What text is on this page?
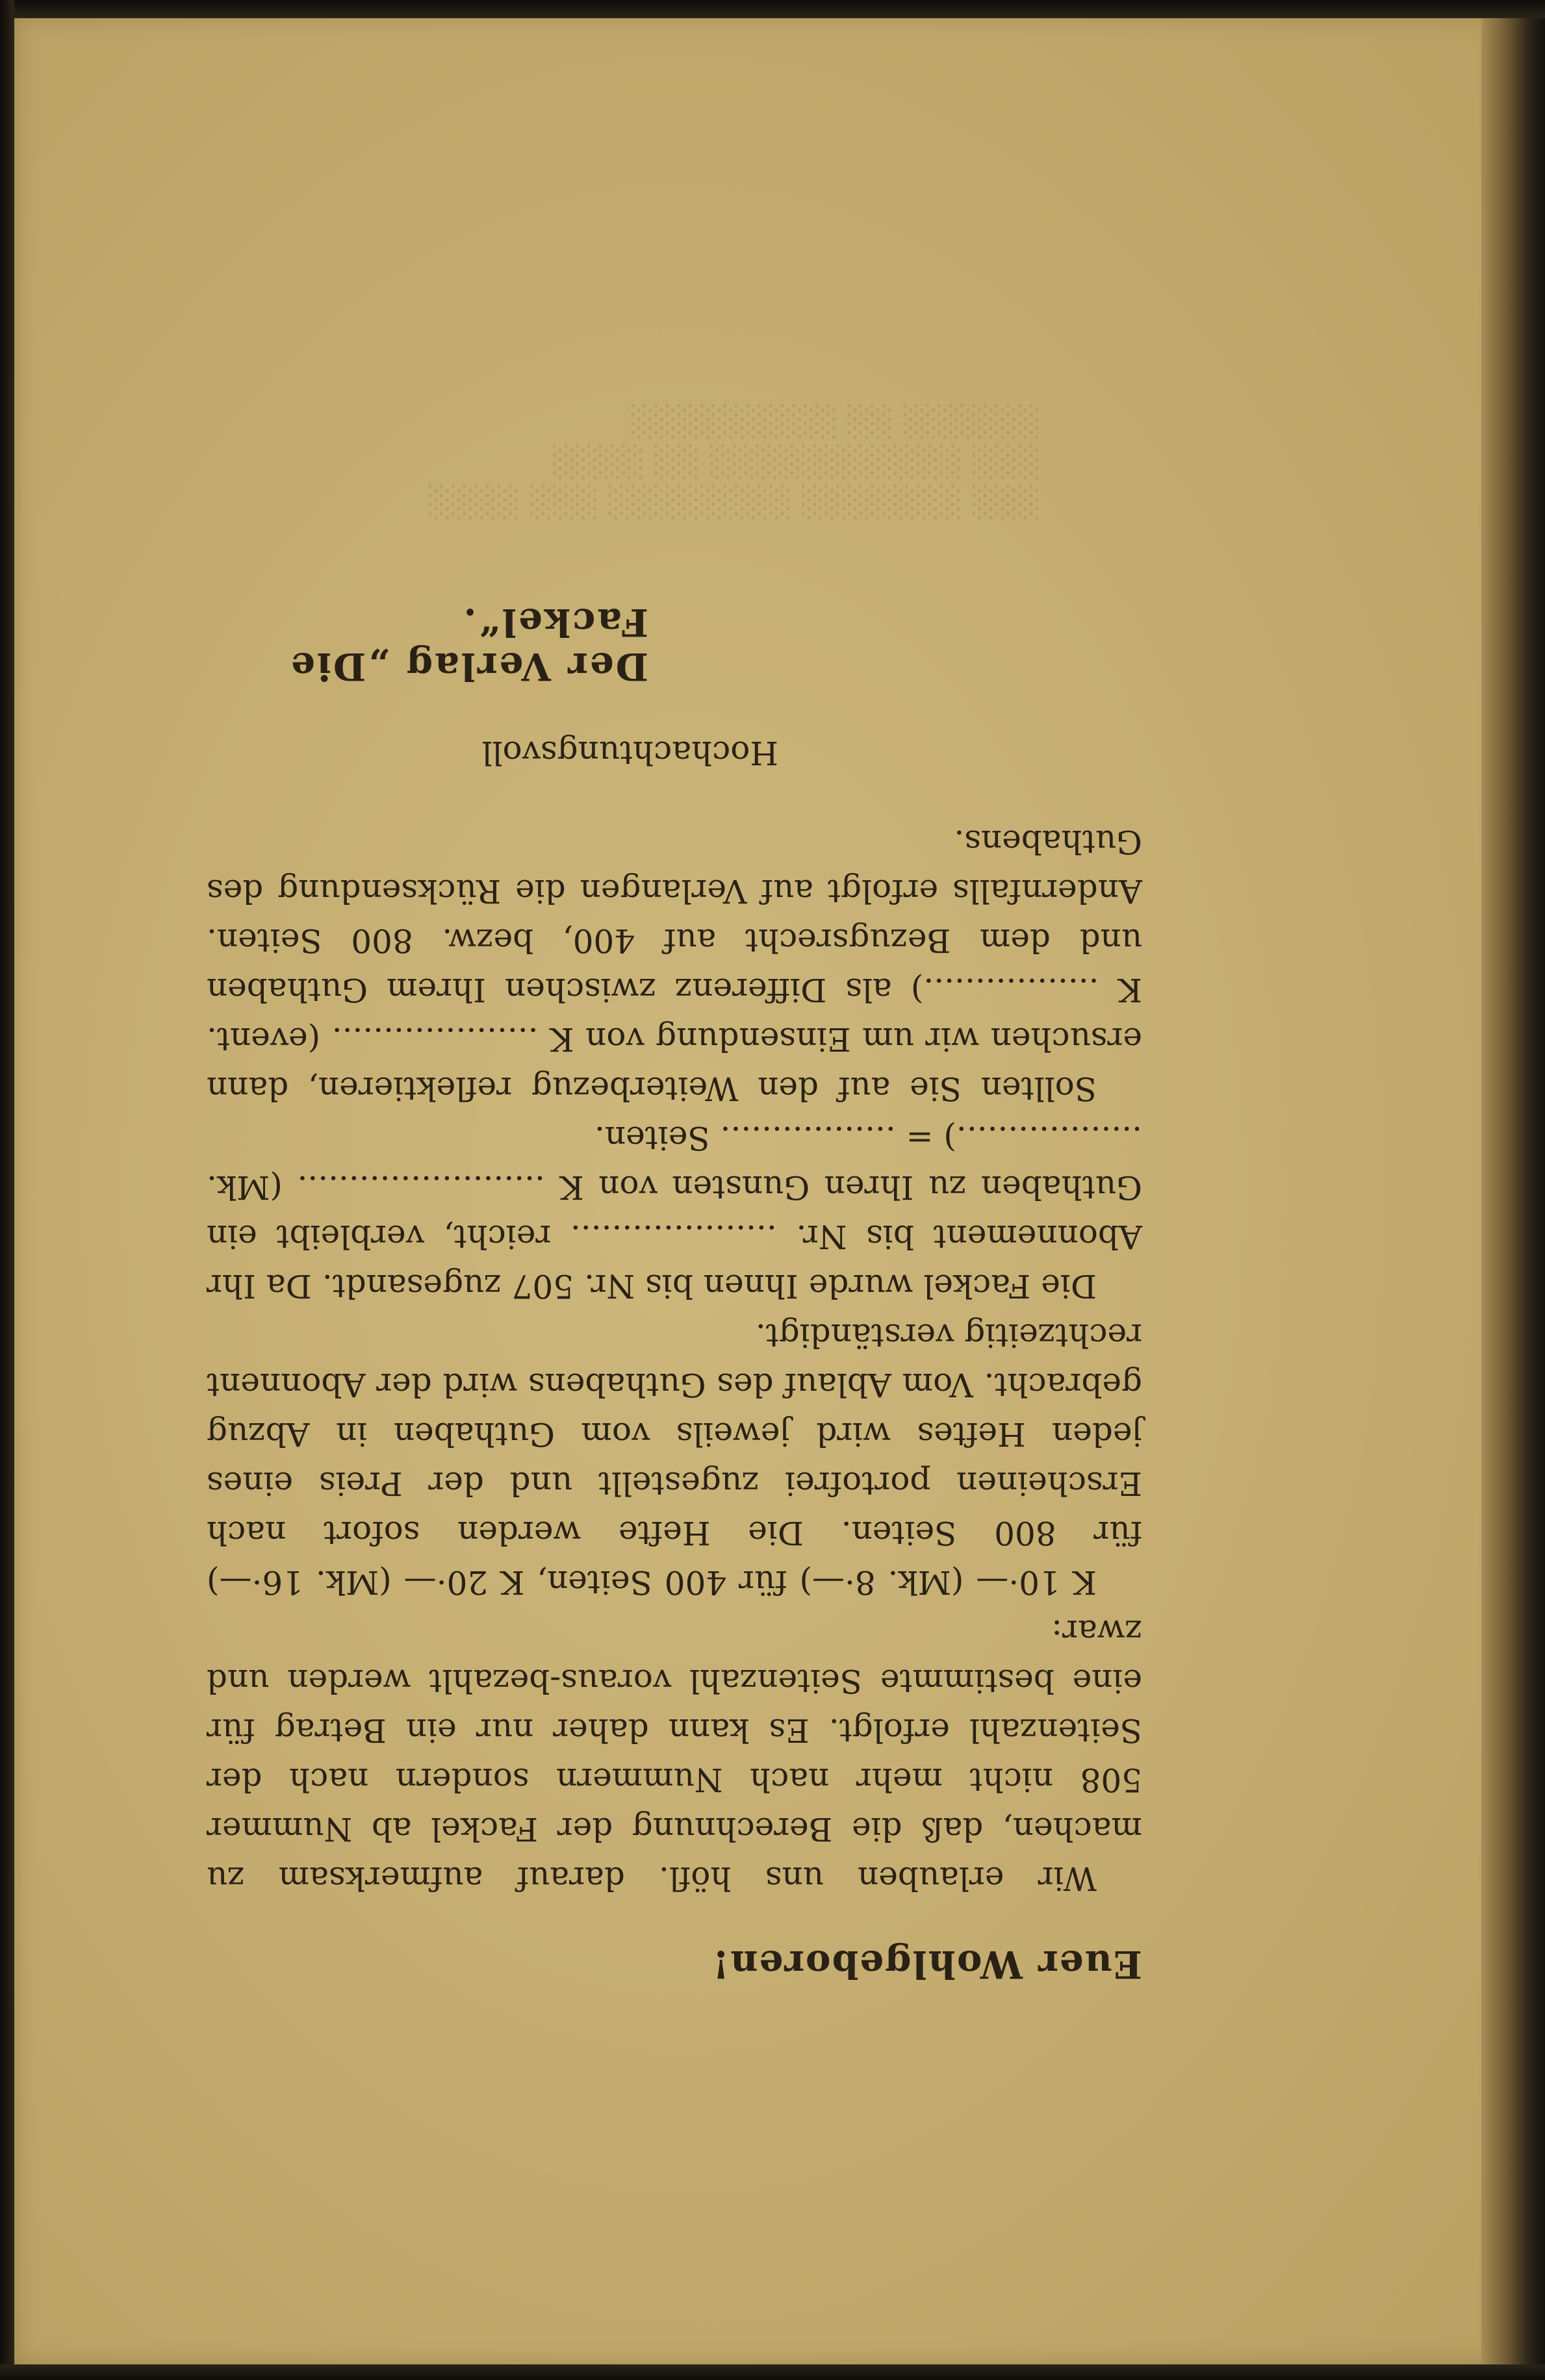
░░░ ░░░░░░░ ░░░░░░░░ ░░░ ░░░░
░░░ ░░░░░░░░░░░ ░░ ░░░░
░░░░░░ ░░ ░░░░░░░░░
Euer Wohlgeboren!

Wir erlauben uns höfl. darauf aufmerksam zu machen, daß die Berechnung der Fackel ab Nummer 508 nicht mehr nach Nummern sondern nach der Seitenzahl erfolgt. Es kann daher nur ein Betrag für eine bestimmte Seitenzahl voraus-bezahlt werden und zwar:

K 10·— (Mk. 8·—) für 400 Seiten, K 20·— (Mk. 16·—) für 800 Seiten. Die Hefte werden sofort nach Erscheinen portofrei zugestellt und der Preis eines jeden Heftes wird jeweils vom Guthaben in Abzug gebracht. Vom Ablauf des Guthabens wird der Abonnent rechtzeitig verständigt.

Die Fackel wurde Ihnen bis Nr. 507 zugesandt. Da Ihr Abonnement bis Nr. .................... reicht, verbleibt ein Guthaben zu Ihren Gunsten von K ........................ (Mk. ..................) = ................. Seiten.

Sollten Sie auf den Weiterbezug reflektieren, dann ersuchen wir um Einsendung von K .................... (event. K .................) als Differenz zwischen Ihrem Guthaben und dem Bezugsrecht auf 400, bezw. 800 Seiten. Andernfalls erfolgt auf Verlangen die Rücksendung des Guthabens.

Hochachtungsvoll
Der Verlag „Die Fackel“.
